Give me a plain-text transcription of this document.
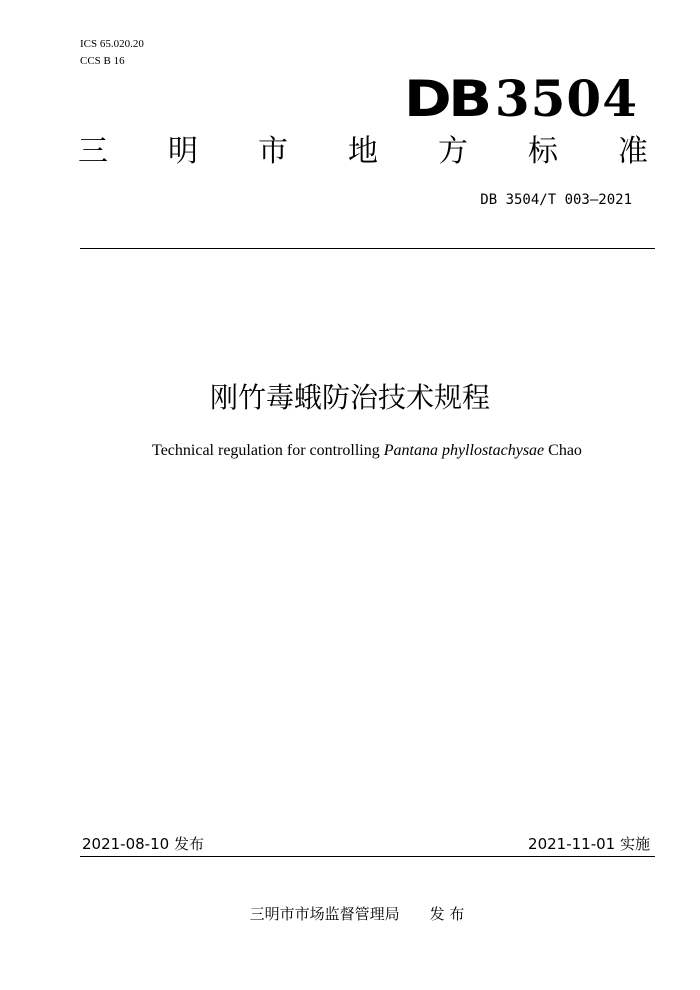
ICS 65.020.20
CCS B 16
DB 3504
三 明 市 地 方 标 准
DB 3504/T 003—2021
刚竹毒蛾防治技术规程
Technical regulation for controlling Pantana phyllostachysae Chao
2021-08-10 发布	2021-11-01 实施
三明市市场监督管理局 发 布
